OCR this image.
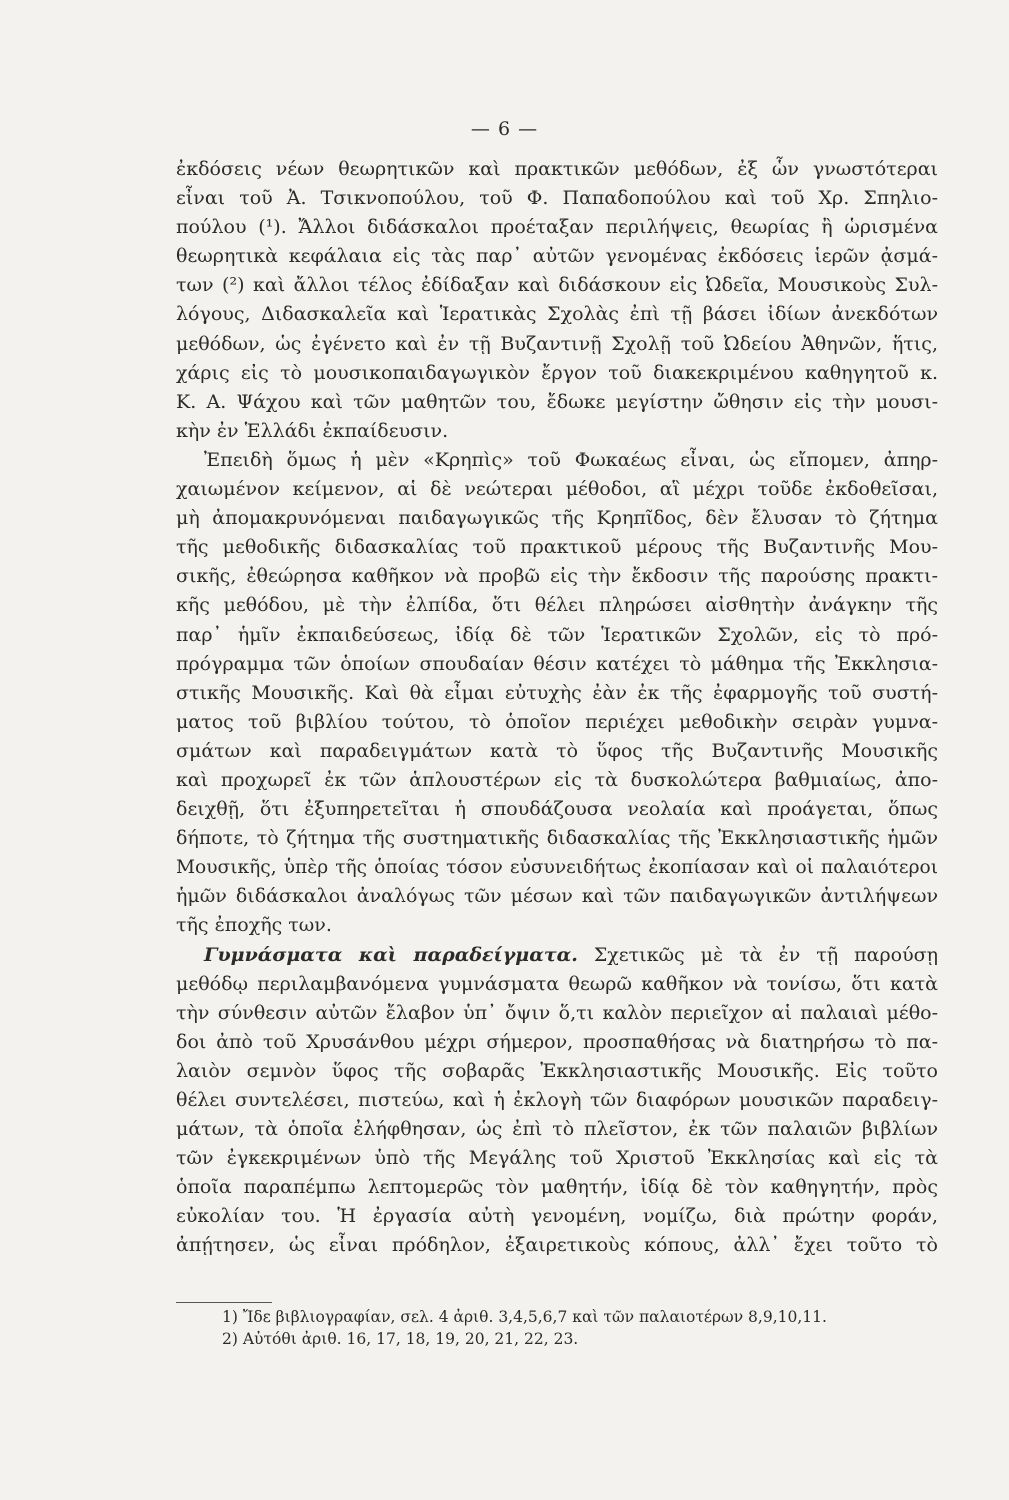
— 6 —
ἐκδόσεις νέων θεωρητικῶν καὶ πρακτικῶν μεθόδων, ἐξ ὧν γνωστότεραι
εἶναι τοῦ Ἀ. Τσικνοπούλου, τοῦ Φ. Παπαδοπούλου καὶ τοῦ Χρ. Σπηλιο-
πούλου (¹). Ἄλλοι διδάσκαλοι προέταξαν περιλήψεις, θεωρίας ἢ ὡρισμένα
θεωρητικὰ κεφάλαια εἰς τὰς παρ᾽ αὐτῶν γενομένας ἐκδόσεις ἱερῶν ᾀσμά-
των (²) καὶ ἄλλοι τέλος ἐδίδαξαν καὶ διδάσκουν εἰς Ὠδεῖα, Μουσικοὺς Συλ-
λόγους, Διδασκαλεῖα καὶ Ἱερατικὰς Σχολὰς ἐπὶ τῇ βάσει ἰδίων ἀνεκδότων
μεθόδων, ὡς ἐγένετο καὶ ἐν τῇ Βυζαντινῇ Σχολῇ τοῦ Ὠδείου Ἀθηνῶν, ἥτις,
χάρις εἰς τὸ μουσικοπαιδαγωγικὸν ἔργον τοῦ διακεκριμένου καθηγητοῦ κ.
Κ. Α. Ψάχου καὶ τῶν μαθητῶν του, ἔδωκε μεγίστην ὤθησιν εἰς τὴν μουσι-
κὴν ἐν Ἑλλάδι ἐκπαίδευσιν.
Ἐπειδὴ ὅμως ἡ μὲν «Κρηπὶς» τοῦ Φωκαέως εἶναι, ὡς εἴπομεν, ἀπηρ-
χαιωμένον κείμενον, αἱ δὲ νεώτεραι μέθοδοι, αἳ μέχρι τοῦδε ἐκδοθεῖσαι,
μὴ ἀπομακρυνόμεναι παιδαγωγικῶς τῆς Κρηπῖδος, δὲν ἔλυσαν τὸ ζήτημα
τῆς μεθοδικῆς διδασκαλίας τοῦ πρακτικοῦ μέρους τῆς Βυζαντινῆς Μου-
σικῆς, ἐθεώρησα καθῆκον νὰ προβῶ εἰς τὴν ἔκδοσιν τῆς παρούσης πρακτι-
κῆς μεθόδου, μὲ τὴν ἐλπίδα, ὅτι θέλει πληρώσει αἰσθητὴν ἀνάγκην τῆς
παρ᾽ ἡμῖν ἐκπαιδεύσεως, ἰδίᾳ δὲ τῶν Ἱερατικῶν Σχολῶν, εἰς τὸ πρό-
πρόγραμμα τῶν ὁποίων σπουδαίαν θέσιν κατέχει τὸ μάθημα τῆς Ἐκκλησια-
στικῆς Μουσικῆς. Καὶ θὰ εἶμαι εὐτυχὴς ἐὰν ἐκ τῆς ἐφαρμογῆς τοῦ συστή-
ματος τοῦ βιβλίου τούτου, τὸ ὁποῖον περιέχει μεθοδικὴν σειρὰν γυμνα-
σμάτων καὶ παραδειγμάτων κατὰ τὸ ὕφος τῆς Βυζαντινῆς Μουσικῆς
καὶ προχωρεῖ ἐκ τῶν ἁπλουστέρων εἰς τὰ δυσκολώτερα βαθμιαίως, ἀπο-
δειχθῇ, ὅτι ἐξυπηρετεῖται ἡ σπουδάζουσα νεολαία καὶ προάγεται, ὅπως
δήποτε, τὸ ζήτημα τῆς συστηματικῆς διδασκαλίας τῆς Ἐκκλησιαστικῆς ἡμῶν
Μουσικῆς, ὑπὲρ τῆς ὁποίας τόσον εὐσυνειδήτως ἐκοπίασαν καὶ οἱ παλαιότεροι
ἡμῶν διδάσκαλοι ἀναλόγως τῶν μέσων καὶ τῶν παιδαγωγικῶν ἀντιλήψεων
τῆς ἐποχῆς των.
Γυμνάσματα καὶ παραδείγματα. Σχετικῶς μὲ τὰ ἐν τῇ παρούσῃ
μεθόδῳ περιλαμβανόμενα γυμνάσματα θεωρῶ καθῆκον νὰ τονίσω, ὅτι κατὰ
τὴν σύνθεσιν αὐτῶν ἔλαβον ὑπ᾽ ὄψιν ὅ,τι καλὸν περιεῖχον αἱ παλαιαὶ μέθο-
δοι ἀπὸ τοῦ Χρυσάνθου μέχρι σήμερον, προσπαθήσας νὰ διατηρήσω τὸ πα-
λαιὸν σεμνὸν ὕφος τῆς σοβαρᾶς Ἐκκλησιαστικῆς Μουσικῆς. Εἰς τοῦτο
θέλει συντελέσει, πιστεύω, καὶ ἡ ἐκλογὴ τῶν διαφόρων μουσικῶν παραδειγ-
μάτων, τὰ ὁποῖα ἐλήφθησαν, ὡς ἐπὶ τὸ πλεῖστον, ἐκ τῶν παλαιῶν βιβλίων
τῶν ἐγκεκριμένων ὑπὸ τῆς Μεγάλης τοῦ Χριστοῦ Ἐκκλησίας καὶ εἰς τὰ
ὁποῖα παραπέμπω λεπτομερῶς τὸν μαθητήν, ἰδίᾳ δὲ τὸν καθηγητήν, πρὸς
εὐκολίαν του. Ἡ ἐργασία αὐτὴ γενομένη, νομίζω, διὰ πρώτην φοράν,
ἀπῄτησεν, ὡς εἶναι πρόδηλον, ἐξαιρετικοὺς κόπους, ἀλλ᾽ ἔχει τοῦτο τὸ
1) Ἴδε βιβλιογραφίαν, σελ. 4 ἀριθ. 3,4,5,6,7 καὶ τῶν παλαιοτέρων 8,9,10,11.
2) Αὐτόθι ἀριθ. 16, 17, 18, 19, 20, 21, 22, 23.
